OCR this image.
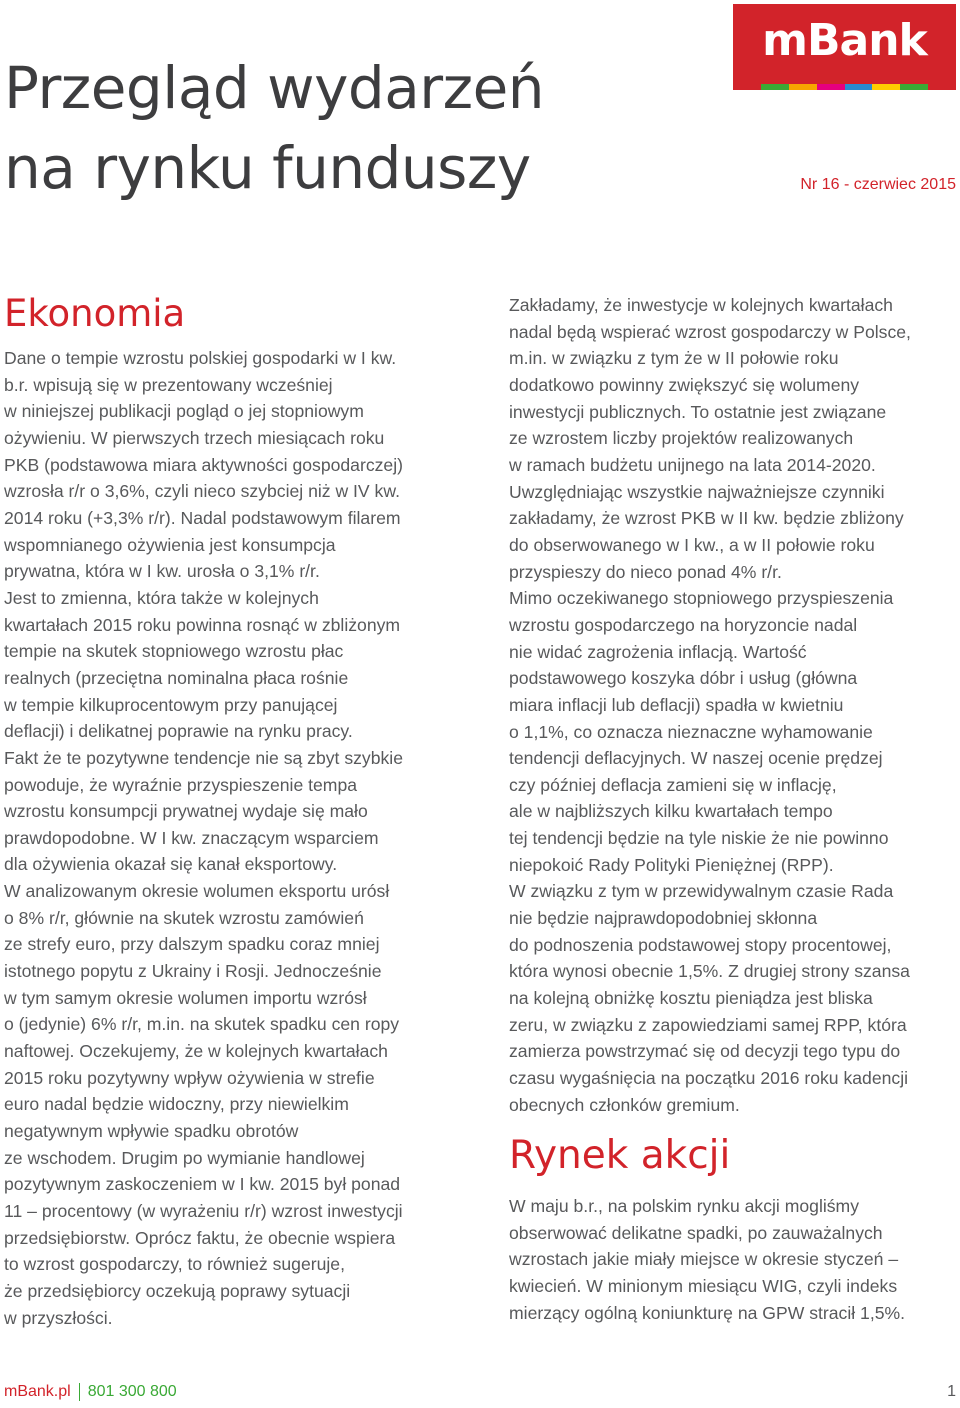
Przegląd wydarzeń
na rynku funduszy
mBank
Nr 16 - czerwiec 2015
Ekonomia

Dane o tempie wzrostu polskiej gospodarki w I kw.

b.r. wpisują się w prezentowany wcześniej

w niniejszej publikacji pogląd o jej stopniowym

ożywieniu. W pierwszych trzech miesiącach roku

PKB (podstawowa miara aktywności gospodarczej)

wzrosła r/r o 3,6%, czyli nieco szybciej niż w IV kw.

2014 roku (+3,3% r/r). Nadal podstawowym filarem

wspomnianego ożywienia jest konsumpcja

prywatna, która w I kw. urosła o 3,1% r/r.

Jest to zmienna, która także w kolejnych

kwartałach 2015 roku powinna rosnąć w zbliżonym

tempie na skutek stopniowego wzrostu płac

realnych (przeciętna nominalna płaca rośnie

w tempie kilkuprocentowym przy panującej

deflacji) i delikatnej poprawie na rynku pracy.

Fakt że te pozytywne tendencje nie są zbyt szybkie

powoduje, że wyraźnie przyspieszenie tempa

wzrostu konsumpcji prywatnej wydaje się mało

prawdopodobne. W I kw. znaczącym wsparciem

dla ożywienia okazał się kanał eksportowy.

W analizowanym okresie wolumen eksportu urósł

o 8% r/r, głównie na skutek wzrostu zamówień

ze strefy euro, przy dalszym spadku coraz mniej

istotnego popytu z Ukrainy i Rosji. Jednocześnie

w tym samym okresie wolumen importu wzrósł

o (jedynie) 6% r/r, m.in. na skutek spadku cen ropy

naftowej. Oczekujemy, że w kolejnych kwartałach

2015 roku pozytywny wpływ ożywienia w strefie

euro nadal będzie widoczny, przy niewielkim

negatywnym wpływie spadku obrotów

ze wschodem. Drugim po wymianie handlowej

pozytywnym zaskoczeniem w I kw. 2015 był ponad

11 – procentowy (w wyrażeniu r/r) wzrost inwestycji

przedsiębiorstw. Oprócz faktu, że obecnie wspiera

to wzrost gospodarczy, to również sugeruje,

że przedsiębiorcy oczekują poprawy sytuacji

w przyszłości.

Zakładamy, że inwestycje w kolejnych kwartałach

nadal będą wspierać wzrost gospodarczy w Polsce,

m.in. w związku z tym że w II połowie roku

dodatkowo powinny zwiększyć się wolumeny

inwestycji publicznych. To ostatnie jest związane

ze wzrostem liczby projektów realizowanych

w ramach budżetu unijnego na lata 2014-2020.

Uwzględniając wszystkie najważniejsze czynniki

zakładamy, że wzrost PKB w II kw. będzie zbliżony

do obserwowanego w I kw., a w II połowie roku

przyspieszy do nieco ponad 4% r/r.

Mimo oczekiwanego stopniowego przyspieszenia

wzrostu gospodarczego na horyzoncie nadal

nie widać zagrożenia inflacją. Wartość

podstawowego koszyka dóbr i usług (główna

miara inflacji lub deflacji) spadła w kwietniu

o 1,1%, co oznacza nieznaczne wyhamowanie

tendencji deflacyjnych. W naszej ocenie prędzej

czy później deflacja zamieni się w inflację,

ale w najbliższych kilku kwartałach tempo

tej tendencji będzie na tyle niskie że nie powinno

niepokoić Rady Polityki Pieniężnej (RPP).

W związku z tym w przewidywalnym czasie Rada

nie będzie najprawdopodobniej skłonna

do podnoszenia podstawowej stopy procentowej,

która wynosi obecnie 1,5%. Z drugiej strony szansa

na kolejną obniżkę kosztu pieniądza jest bliska

zeru, w związku z zapowiedziami samej RPP, która

zamierza powstrzymać się od decyzji tego typu do

czasu wygaśnięcia na początku 2016 roku kadencji

obecnych członków gremium.

Rynek akcji

W maju b.r., na polskim rynku akcji mogliśmy

obserwować delikatne spadki, po zauważalnych

wzrostach jakie miały miejsce w okresie styczeń –

kwiecień. W minionym miesiącu WIG, czyli indeks

mierzący ogólną koniunkturę na GPW stracił 1,5%.

mBank.pl 801 300 800	1
